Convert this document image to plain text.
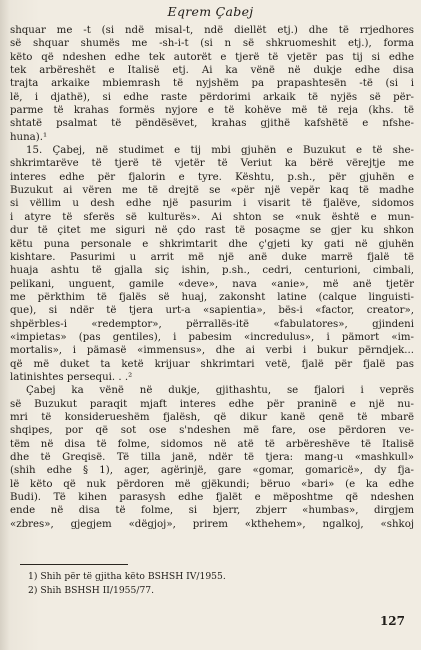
Eqrem Çabej
shquar me -t (si ndë misal-t, ndë diellët etj.) dhe të rrjedhores
së shquar shumës me -sh-i-t (si n së shkruomeshit etj.), forma
këto që ndeshen edhe tek autorët e tjerë të vjetër pas tij si edhe
tek arbëreshët e Italisë etj. Ai ka vënë në dukje edhe disa
trajta arkaike mbiemrash të nyjshëm pa prapashtesën -të (si i
lë, i djathë), si edhe raste përdorimi arkaik të nyjës së për-
parme të krahas formës nyjore e të kohëve më të reja (khs. të
shtatë psalmat të pëndësëvet, krahas gjithë kafshëtë e nfshe-
huna).¹
15. Çabej, në studimet e tij mbi gjuhën e Buzukut e të she-
shkrimtarëve të tjerë të vjetër të Veriut ka bërë vërejtje me
interes edhe për fjalorin e tyre. Kështu, p.sh., për gjuhën e
Buzukut ai vëren me të drejtë se «për një vepër kaq të madhe
si vëllim u desh edhe një pasurim i visarit të fjalëve, sidomos
i atyre të sferës së kulturës». Ai shton se «nuk është e mun-
dur të çitet me siguri në çdo rast të posaçme se gjer ku shkon
këtu puna personale e shkrimtarit dhe ç'gjeti ky gati në gjuhën
kishtare. Pasurimi u arrit më një anë duke marrë fjalë të
huaja ashtu të gjalla siç ishin, p.sh., cedri, centurioni, cimbali,
pelikani, unguent, gamile «deve», nava «anie», më anë tjetër
me përkthim të fjalës së huaj, zakonsht latine (calque linguisti-
que), si ndër të tjera urt-a «sapientia», bës-i «factor, creator»,
shpërbles-i «redemptor», përrallës-itë «fabulatores», gjindeni
«impietas» (pas gentiles), i pabesim «incredulus», i pämort «im-
mortalis», i pämasë «immensus», dhe ai verbi i bukur përndjek...
që më duket ta ketë krijuar shkrimtari vetë, fjalë për fjalë pas
latinishtes persequi. . .²
Çabej ka vënë në dukje, gjithashtu, se fjalori i veprës
së Buzukut paraqit mjaft interes edhe për praninë e një nu-
mri të konsiderueshëm fjalësh, që dikur kanë qenë të mbarë
shqipes, por që sot ose s'ndeshen më fare, ose përdoren ve-
tëm në disa të folme, sidomos në atë të arbëreshëve të Italisë
dhe të Greqisë. Të tilla janë, ndër të tjera: mang-u «mashkull»
(shih edhe § 1), ager, agërinjë, gare «gomar, gomaricë», dy fja-
lë këto që nuk përdoren më gjëkundi; bëruo «bari» (e ka edhe
Budi). Të kihen parasysh edhe fjalët e mëposhtme që ndeshen
ende në disa të folme, si bjerr, zbjerr «humbas», dirgjem
«zbres», gjegjem «dëgjoj», prirem «kthehem», ngalkoj, «shkoj
1) Shih për të gjitha këto BSHSH IV/1955.
2) Shih BSHSH II/1955/77.
127
